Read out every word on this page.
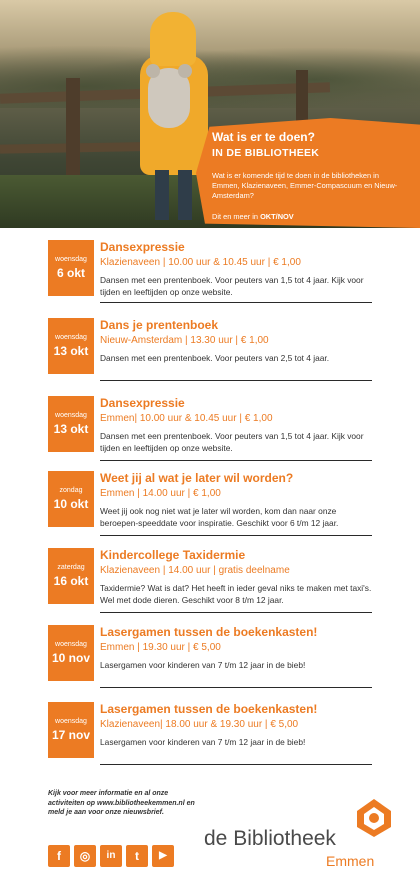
Wat is er te doen?
IN DE BIBLIOTHEEK
Wat is er komende tijd te doen in de bibliotheken in Emmen, Klazienaveen, Emmer-Compascuum en Nieuw-Amsterdam?
Dit en meer in OKT/NOV
woensdag
6 okt
Dansexpressie
Klazienaveen | 10.00 uur & 10.45 uur | € 1,00
Dansen met een prentenboek. Voor peuters van 1,5 tot 4 jaar. Kijk voor tijden en leeftijden op onze website.
woensdag
13 okt
Dans je prentenboek
Nieuw-Amsterdam | 13.30 uur | € 1,00
Dansen met een prentenboek. Voor peuters van 2,5 tot 4 jaar.
woensdag
13 okt
Dansexpressie
Emmen| 10.00 uur & 10.45 uur | € 1,00
Dansen met een prentenboek. Voor peuters van 1,5 tot 4 jaar. Kijk voor tijden en leeftijden op onze website.
zondag
10 okt
Weet jij al wat je later wil worden?
Emmen | 14.00 uur | € 1,00
Weet jij ook nog niet wat je later wil worden, kom dan naar onze beroepen-speeddate voor inspiratie. Geschikt voor 6 t/m 12 jaar.
zaterdag
16 okt
Kindercollege Taxidermie
Klazienaveen | 14.00 uur | gratis deelname
Taxidermie? Wat is dat? Het heeft in ieder geval niks te maken met taxi's. Wel met dode dieren. Geschikt voor 8 t/m 12 jaar.
woensdag
10 nov
Lasergamen tussen de boekenkasten!
Emmen | 19.30 uur | € 5,00
Lasergamen voor kinderen van 7 t/m 12 jaar in de bieb!
woensdag
17 nov
Lasergamen tussen de boekenkasten!
Klazienaveen| 18.00 uur & 19.30 uur | € 5,00
Lasergamen voor kinderen van 7 t/m 12 jaar in de bieb!
Kijk voor meer informatie en al onze activiteiten op www.bibliotheekemmen.nl en meld je aan voor onze nieuwsbrief.
f	◎	in	t	▶
de Bibliotheek
Emmen
